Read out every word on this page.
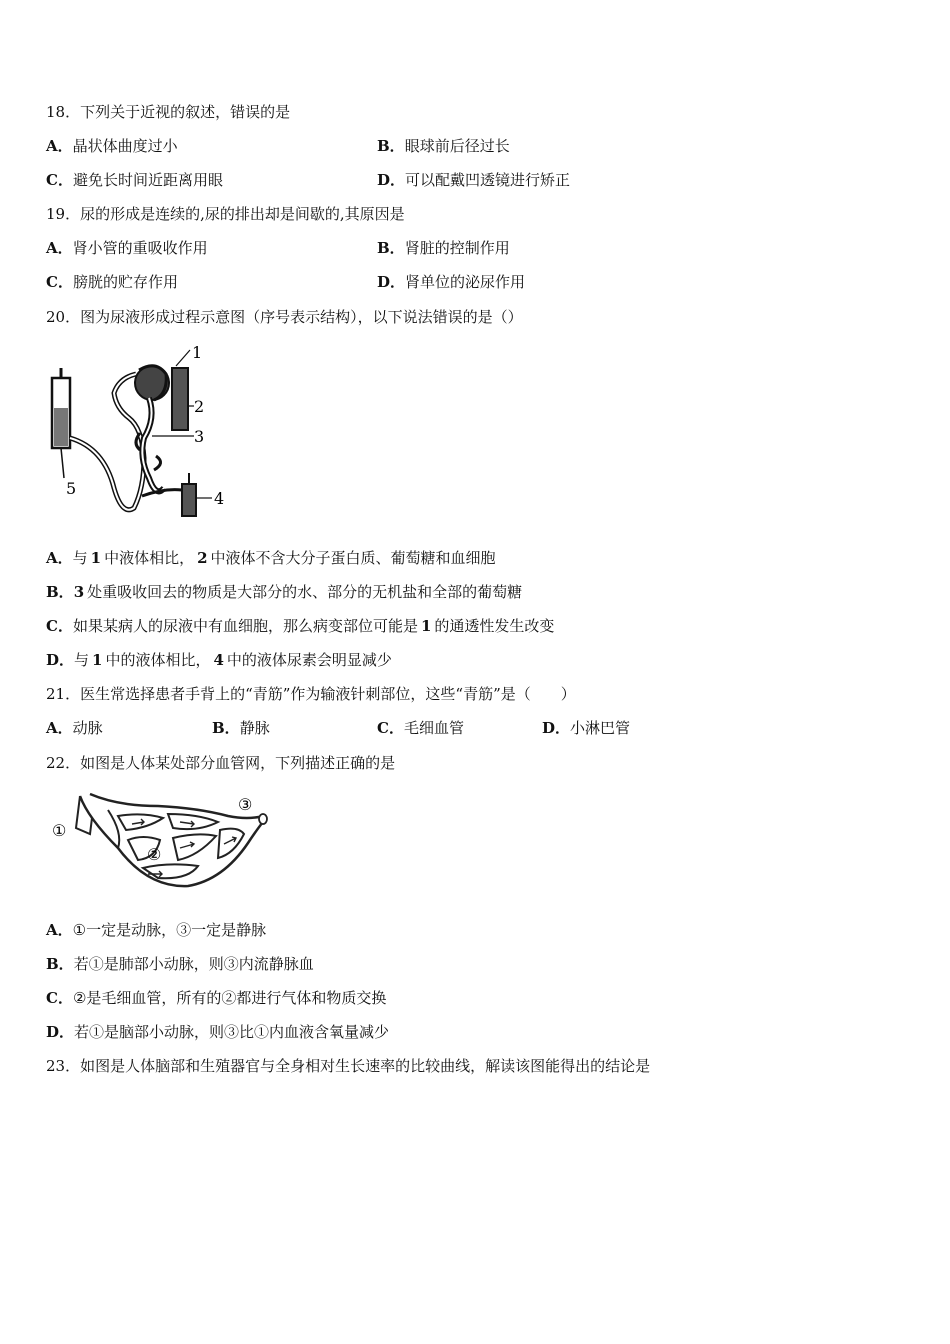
18．下列关于近视的叙述，错误的是
A．晶状体曲度过小	B．眼球前后径过长
C．避免长时间近距离用眼	D．可以配戴凹透镜进行矫正
19．尿的形成是连续的,尿的排出却是间歇的,其原因是
A．肾小管的重吸收作用	B．肾脏的控制作用
C．膀胱的贮存作用	D．肾单位的泌尿作用
20．图为尿液形成过程示意图（序号表示结构），以下说法错误的是（）
1
2
3
4
5
A．与 1 中液体相比， 2 中液体不含大分子蛋白质、葡萄糖和血细胞
B．3 处重吸收回去的物质是大部分的水、部分的无机盐和全部的葡萄糖
C．如果某病人的尿液中有血细胞，那么病变部位可能是 1 的通透性发生改变
D．与 1 中的液体相比， 4 中的液体尿素会明显减少
21．医生常选择患者手背上的“青筋”作为输液针刺部位，这些“青筋”是（　　）
A．动脉	B．静脉	C．毛细血管	D．小淋巴管
22．如图是人体某处部分血管网，下列描述正确的是
①
②
③
A．①一定是动脉，③一定是静脉
B．若①是肺部小动脉，则③内流静脉血
C．②是毛细血管，所有的②都进行气体和物质交换
D．若①是脑部小动脉，则③比①内血液含氧量减少
23．如图是人体脑部和生殖器官与全身相对生长速率的比较曲线，解读该图能得出的结论是
